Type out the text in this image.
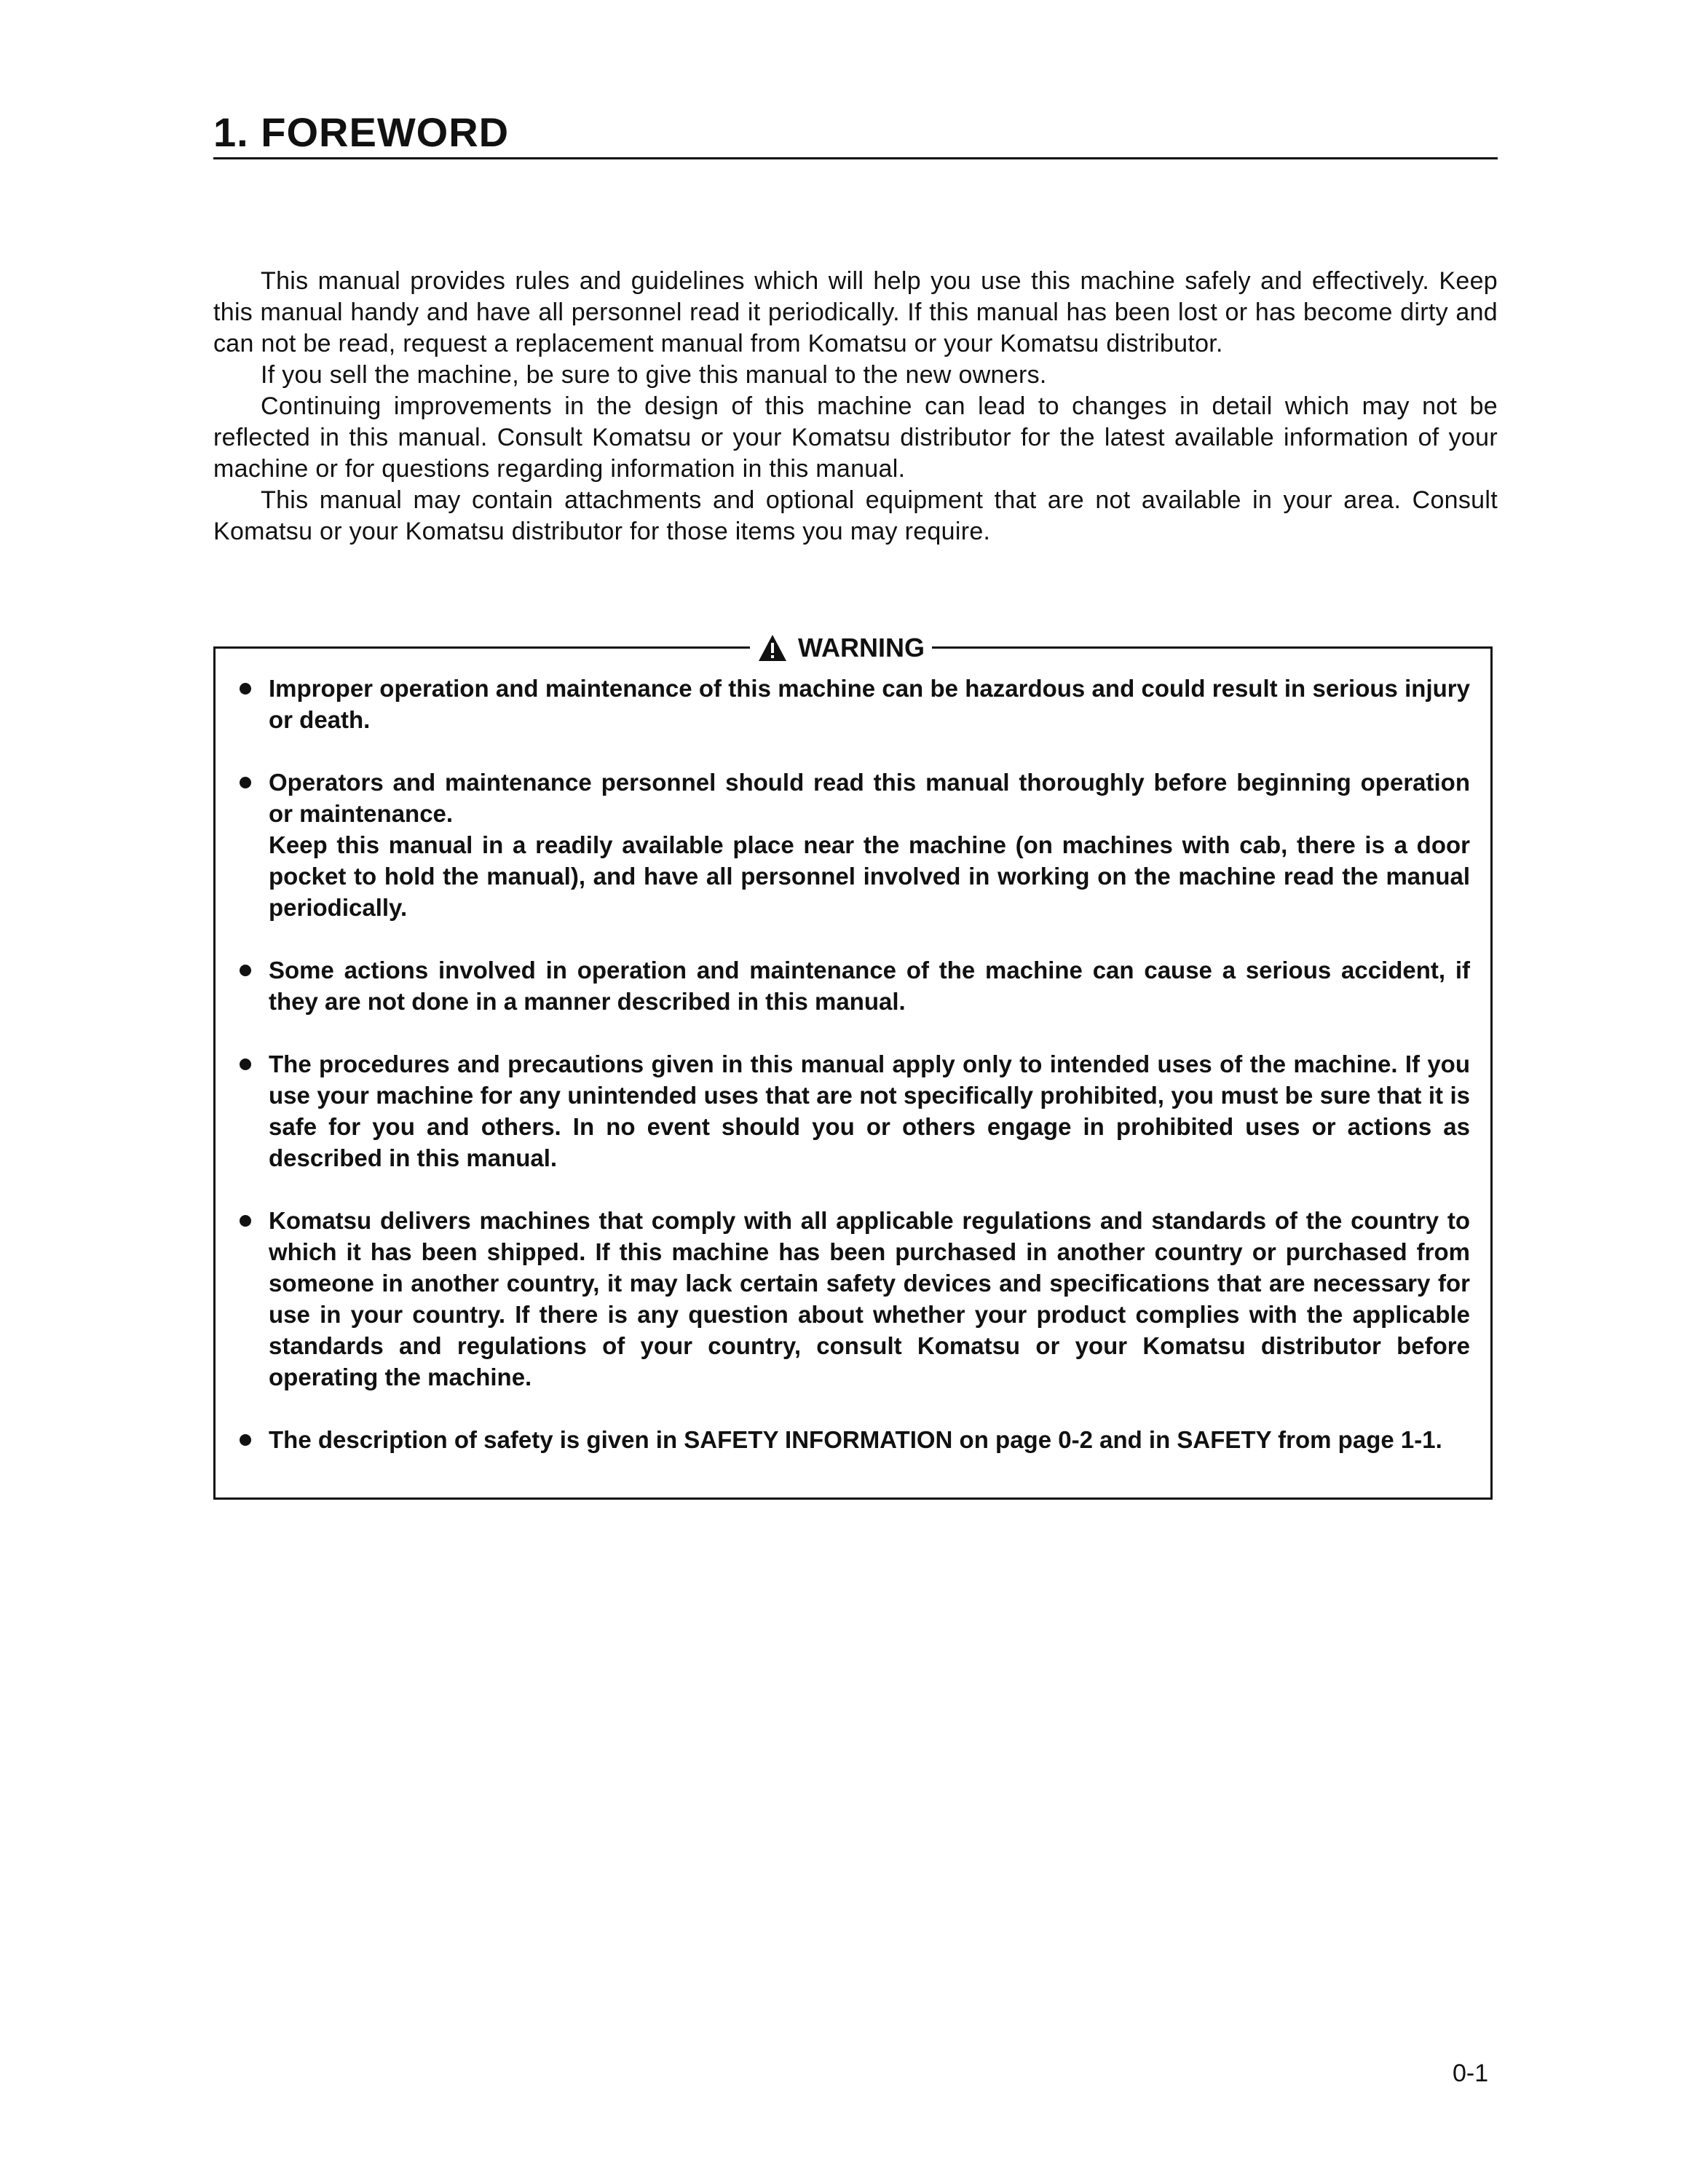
1. FOREWORD

This manual provides rules and guidelines which will help you use this machine safely and effectively. Keep this manual handy and have all personnel read it periodically. If this manual has been lost or has become dirty and can not be read, request a replacement manual from Komatsu or your Komatsu distributor.

If you sell the machine, be sure to give this manual to the new owners.

Continuing improvements in the design of this machine can lead to changes in detail which may not be reflected in this manual. Consult Komatsu or your Komatsu distributor for the latest available information of your machine or for questions regarding information in this manual.

This manual may contain attachments and optional equipment that are not available in your area. Consult Komatsu or your Komatsu distributor for those items you may require.

WARNING

Improper operation and maintenance of this machine can be hazardous and could result in serious injury or death.

Operators and maintenance personnel should read this manual thoroughly before beginning operation or maintenance.

Keep this manual in a readily available place near the machine (on machines with cab, there is a door pocket to hold the manual), and have all personnel involved in working on the machine read the manual periodically.

Some actions involved in operation and maintenance of the machine can cause a serious accident, if they are not done in a manner described in this manual.

The procedures and precautions given in this manual apply only to intended uses of the machine. If you use your machine for any unintended uses that are not specifically prohibited, you must be sure that it is safe for you and others. In no event should you or others engage in prohibited uses or actions as described in this manual.

Komatsu delivers machines that comply with all applicable regulations and standards of the country to which it has been shipped. If this machine has been purchased in another country or purchased from someone in another country, it may lack certain safety devices and specifications that are necessary for use in your country. If there is any question about whether your product complies with the applicable standards and regulations of your country, consult Komatsu or your Komatsu distributor before operating the machine.

The description of safety is given in SAFETY INFORMATION on page 0-2 and in SAFETY from page 1-1.

0-1
